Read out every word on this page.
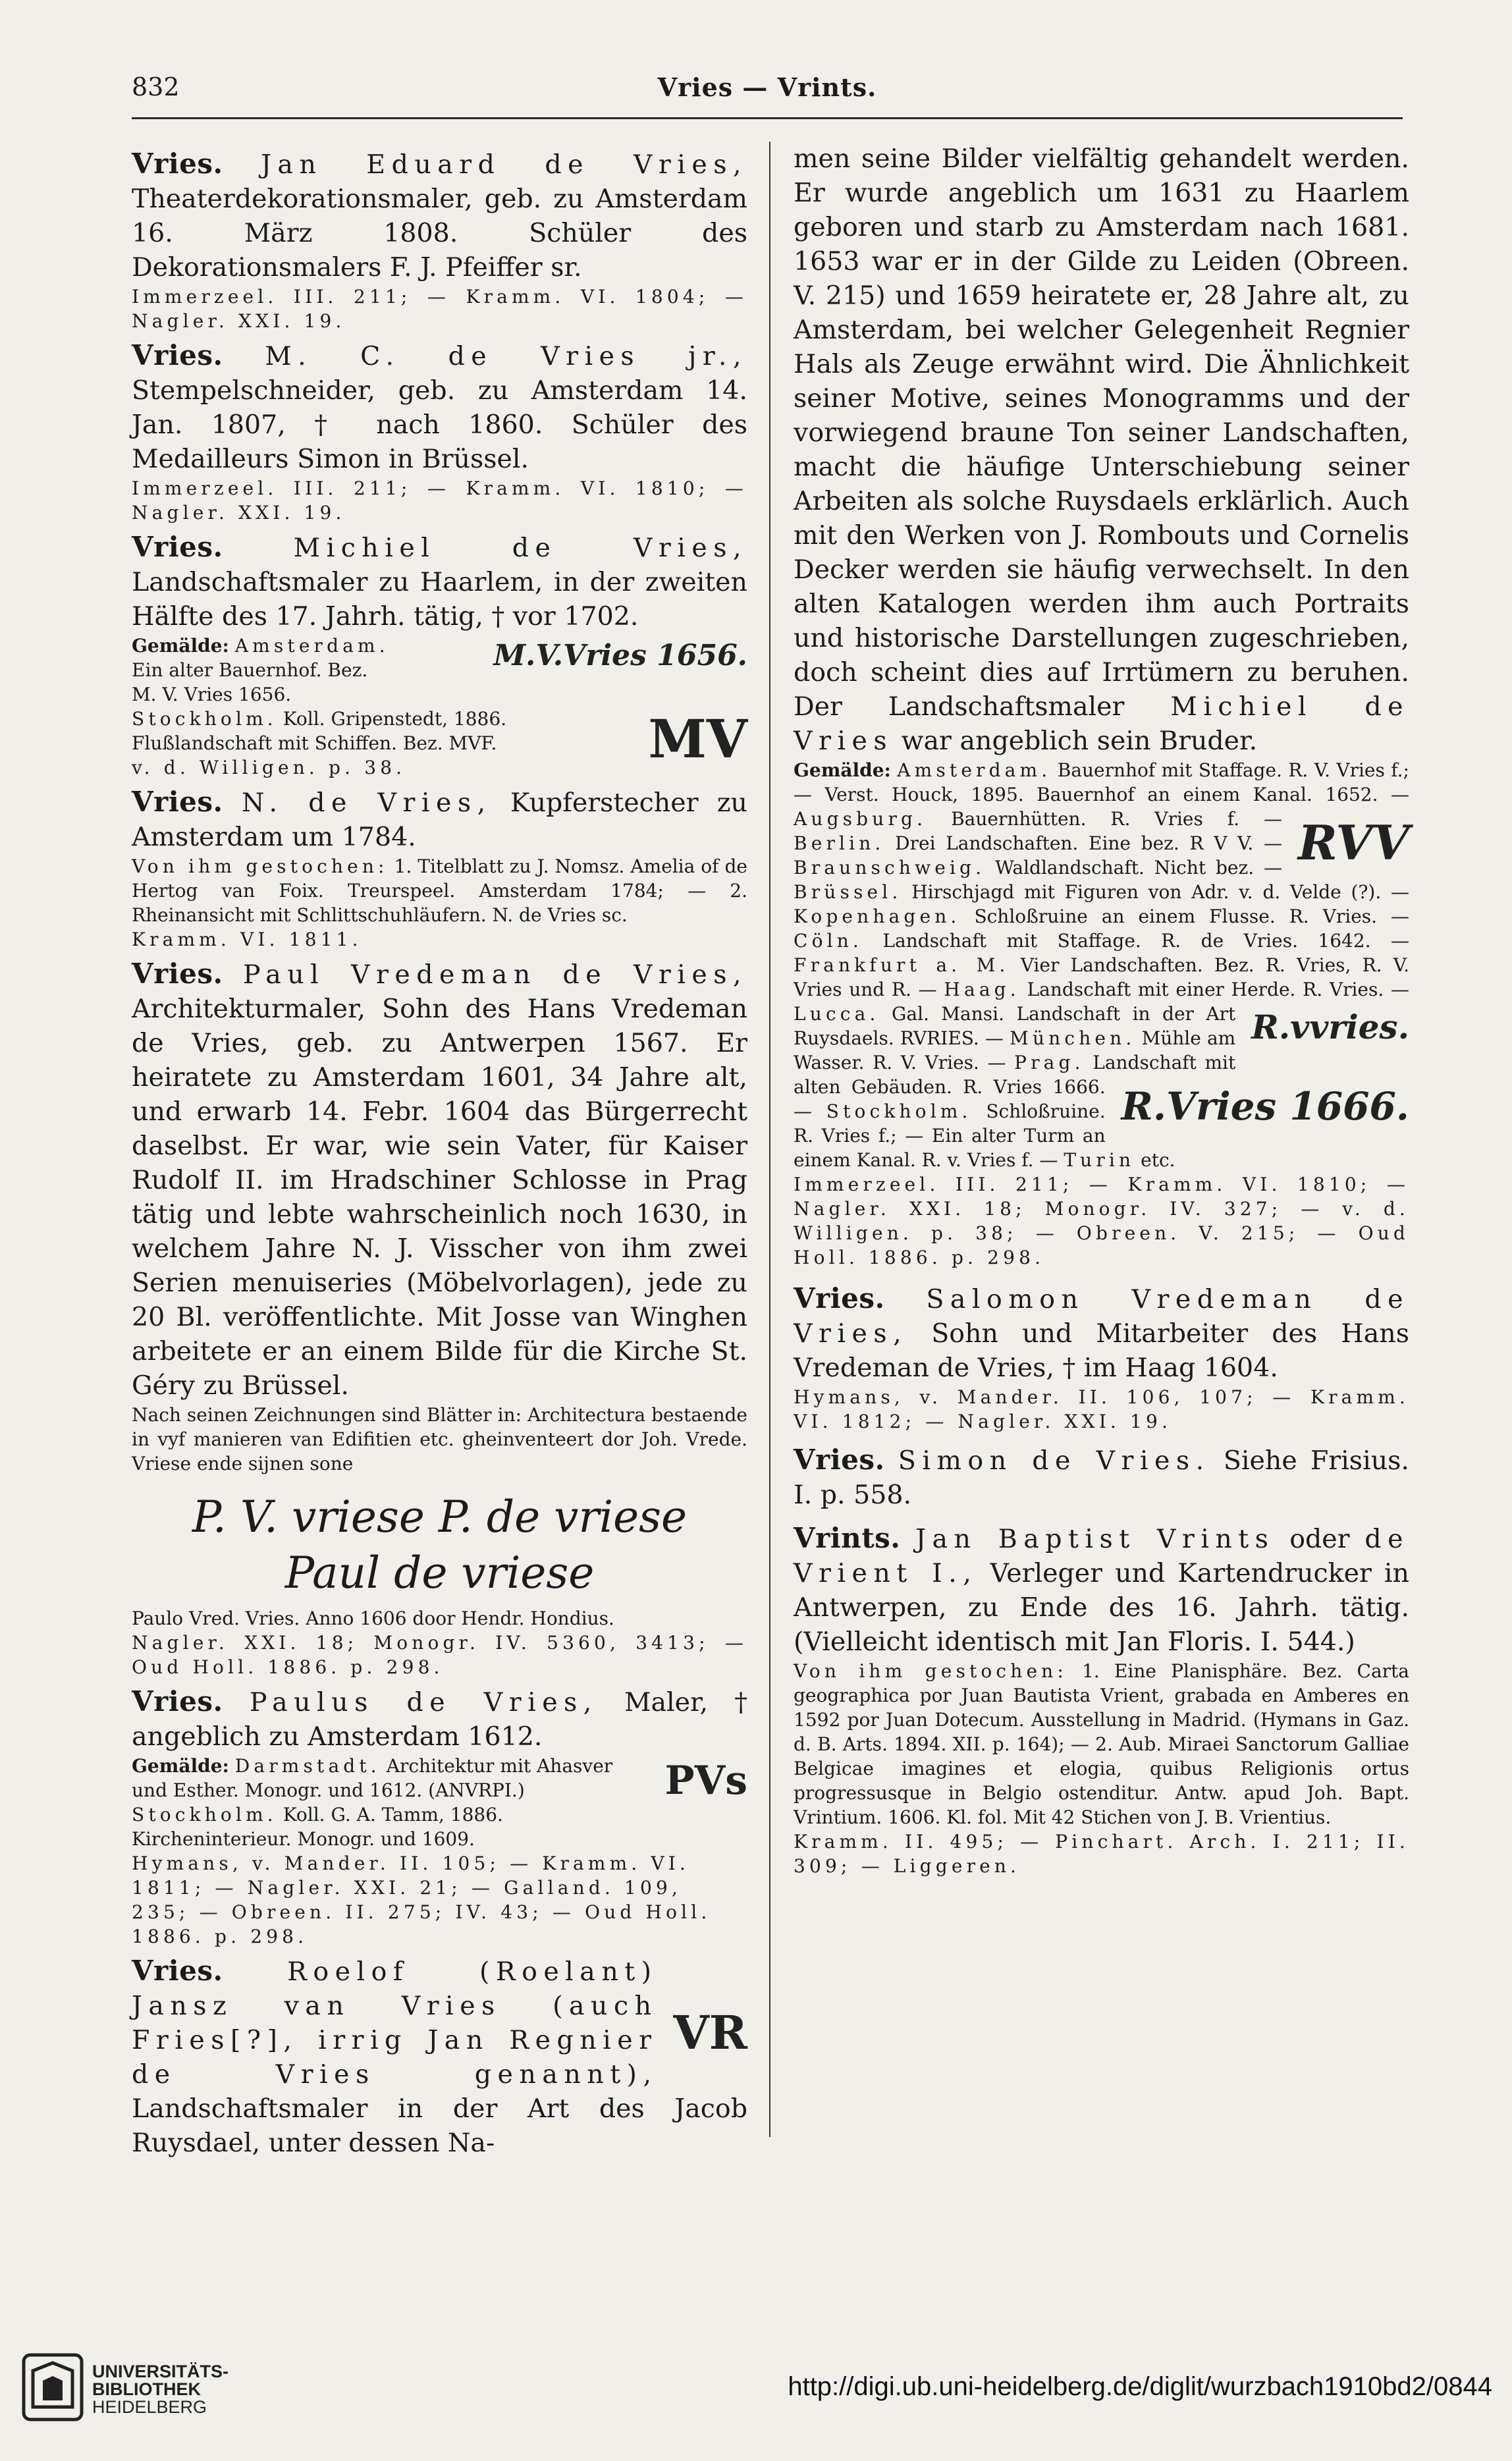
832	Vries — Vrints.

Vries. Jan Eduard de Vries, Theaterdekorationsmaler, geb. zu Amsterdam 16. März 1808. Schüler des Dekorationsmalers F. J. Pfeiffer sr.

Immerzeel. III. 211; — Kramm. VI. 1804; — Nagler. XXI. 19.

Vries. M. C. de Vries jr., Stempelschneider, geb. zu Amsterdam 14. Jan. 1807, † nach 1860. Schüler des Medailleurs Simon in Brüssel.

Immerzeel. III. 211; — Kramm. VI. 1810; — Nagler. XXI. 19.

Vries.	Michiel de Vries, Landschaftsmaler zu Haarlem, in der zweiten Hälfte des 17. Jahrh. tätig, † vor 1702.

M.V.Vries 1656.
Gemälde: Amsterdam.
Ein alter Bauernhof. Bez.
M. V. Vries 1656.
MV
Stockholm. Koll. Gripenstedt, 1886. Flußlandschaft mit Schiffen. Bez. MVF.
v. d. Willigen. p. 38.

Vries. N. de Vries, Kupferstecher zu Amsterdam um 1784.

Von ihm gestochen: 1. Titelblatt zu J. Nomsz. Amelia of de Hertog van Foix. Treurspeel. Amsterdam 1784; — 2. Rheinansicht mit Schlittschuhläufern. N. de Vries sc.

Kramm. VI. 1811.

Vries. Paul Vredeman de Vries, Architekturmaler, Sohn des Hans Vredeman de Vries, geb. zu Antwerpen 1567. Er heiratete zu Amsterdam 1601, 34 Jahre alt, und erwarb 14. Febr. 1604 das Bürgerrecht daselbst. Er war, wie sein Vater, für Kaiser Rudolf II. im Hradschiner Schlosse in Prag tätig und lebte wahrscheinlich noch 1630, in welchem Jahre N. J. Visscher von ihm zwei Serien menuiseries (Möbelvorlagen), jede zu 20 Bl. veröffentlichte. Mit Josse van Winghen arbeitete er an einem Bilde für die Kirche St. Géry zu Brüssel.

Nach seinen Zeichnungen sind Blätter in: Architectura bestaende in vyf manieren van Edifitien etc. gheinventeert dor Joh. Vrede. Vriese ende sijnen sone

P. V. vriese P. de vriese
Paul de vriese

Paulo Vred. Vries. Anno 1606 door Hendr. Hondius.

Nagler. XXI. 18; Monogr. IV. 5360, 3413; — Oud Holl. 1886. p. 298.

Vries. Paulus de Vries, Maler, † angeblich zu Amsterdam 1612.

PVs
Gemälde: Darmstadt. Architektur mit Ahasver und Esther. Monogr. und 1612. (ANVRPI.)
Stockholm. Koll. G. A. Tamm, 1886. Kircheninterieur. Monogr. und 1609.
Hymans, v. Mander. II. 105; — Kramm. VI. 1811; — Nagler. XXI. 21; — Galland. 109, 235; — Obreen. II. 275; IV. 43; — Oud Holl. 1886. p. 298.
VR

Vries. Roelof (Roelant) Jansz van Vries (auch Fries[?], irrig Jan Regnier de Vries genannt), Landschaftsmaler in der Art des Jacob Ruysdael, unter dessen Na-

men seine Bilder vielfältig gehandelt werden. Er wurde angeblich um 1631 zu Haarlem geboren und starb zu Amsterdam nach 1681. 1653 war er in der Gilde zu Leiden (Obreen. V. 215) und 1659 heiratete er, 28 Jahre alt, zu Amsterdam, bei welcher Gelegenheit Regnier Hals als Zeuge erwähnt wird. Die Ähnlichkeit seiner Motive, seines Monogramms und der vorwiegend braune Ton seiner Landschaften, macht die häufige Unterschiebung seiner Arbeiten als solche Ruysdaels erklärlich. Auch mit den Werken von J. Rombouts und Cornelis Decker werden sie häufig verwechselt. In den alten Katalogen werden ihm auch Portraits und historische Darstellungen zugeschrieben, doch scheint dies auf Irrtümern zu beruhen. Der Landschaftsmaler Michiel de Vries war angeblich sein Bruder.

Gemälde: Amsterdam. Bauernhof mit Staffage. R. V. Vries f.; — Verst. Houck, 1895. Bauernhof an einem Kanal. 1652. — Augsburg.	RVV
Bauernhütten. R. Vries f. — Berlin. Drei Landschaften. Eine bez. R V V. — Braunschweig. Waldlandschaft. Nicht bez. — Brüssel. Hirschjagd mit Figuren von Adr. v. d. Velde (?). — Kopenhagen. Schloßruine an einem Flusse. R. Vries. — Cöln. Landschaft mit Staffage. R. de Vries. 1642. — Frankfurt a. M. Vier Landschaften. Bez. R. Vries, R. V. Vries und R. — Haag. Landschaft mit einer Herde. R. Vries. — Lucca.	R.vvries.
Gal. Mansi. Landschaft in der Art Ruysdaels. RVRIES. — München. Mühle am Wasser. R. V. Vries. — Prag.
R.Vries 1666.
Landschaft mit alten Gebäuden. R. Vries 1666. — Stockholm. Schloßruine. R. Vries f.; — Ein alter Turm an einem Kanal. R. v. Vries f. — Turin etc.
Immerzeel. III. 211; — Kramm. VI. 1810; — Nagler. XXI. 18; Monogr. IV. 327; — v. d. Willigen. p. 38; — Obreen. V. 215; — Oud Holl. 1886. p. 298.

Vries. Salomon Vredeman de Vries, Sohn und Mitarbeiter des Hans Vredeman de Vries, † im Haag 1604.

Hymans, v. Mander. II. 106, 107; — Kramm. VI. 1812; — Nagler. XXI. 19.

Vries. Simon de Vries. Siehe Frisius. I. p. 558.

Vrints. Jan Baptist Vrints oder de Vrient I., Verleger und Kartendrucker in Antwerpen, zu Ende des 16. Jahrh. tätig. (Vielleicht identisch mit Jan Floris. I. 544.)

Von ihm gestochen: 1. Eine Planisphäre. Bez. Carta geographica por Juan Bautista Vrient, grabada en Amberes en 1592 por Juan Dotecum. Ausstellung in Madrid. (Hymans in Gaz. d. B. Arts. 1894. XII. p. 164); — 2. Aub. Miraei Sanctorum Galliae Belgicae imagines et elogia, quibus Religionis ortus progressusque in Belgio ostenditur. Antw. apud Joh. Bapt. Vrintium. 1606. Kl. fol. Mit 42 Stichen von J. B. Vrientius.

Kramm. II. 495; — Pinchart. Arch. I. 211; II. 309; — Liggeren.

UNIVERSITÄTS-
BIBLIOTHEK
HEIDELBERG
http://digi.ub.uni-heidelberg.de/diglit/wurzbach1910bd2/0844
